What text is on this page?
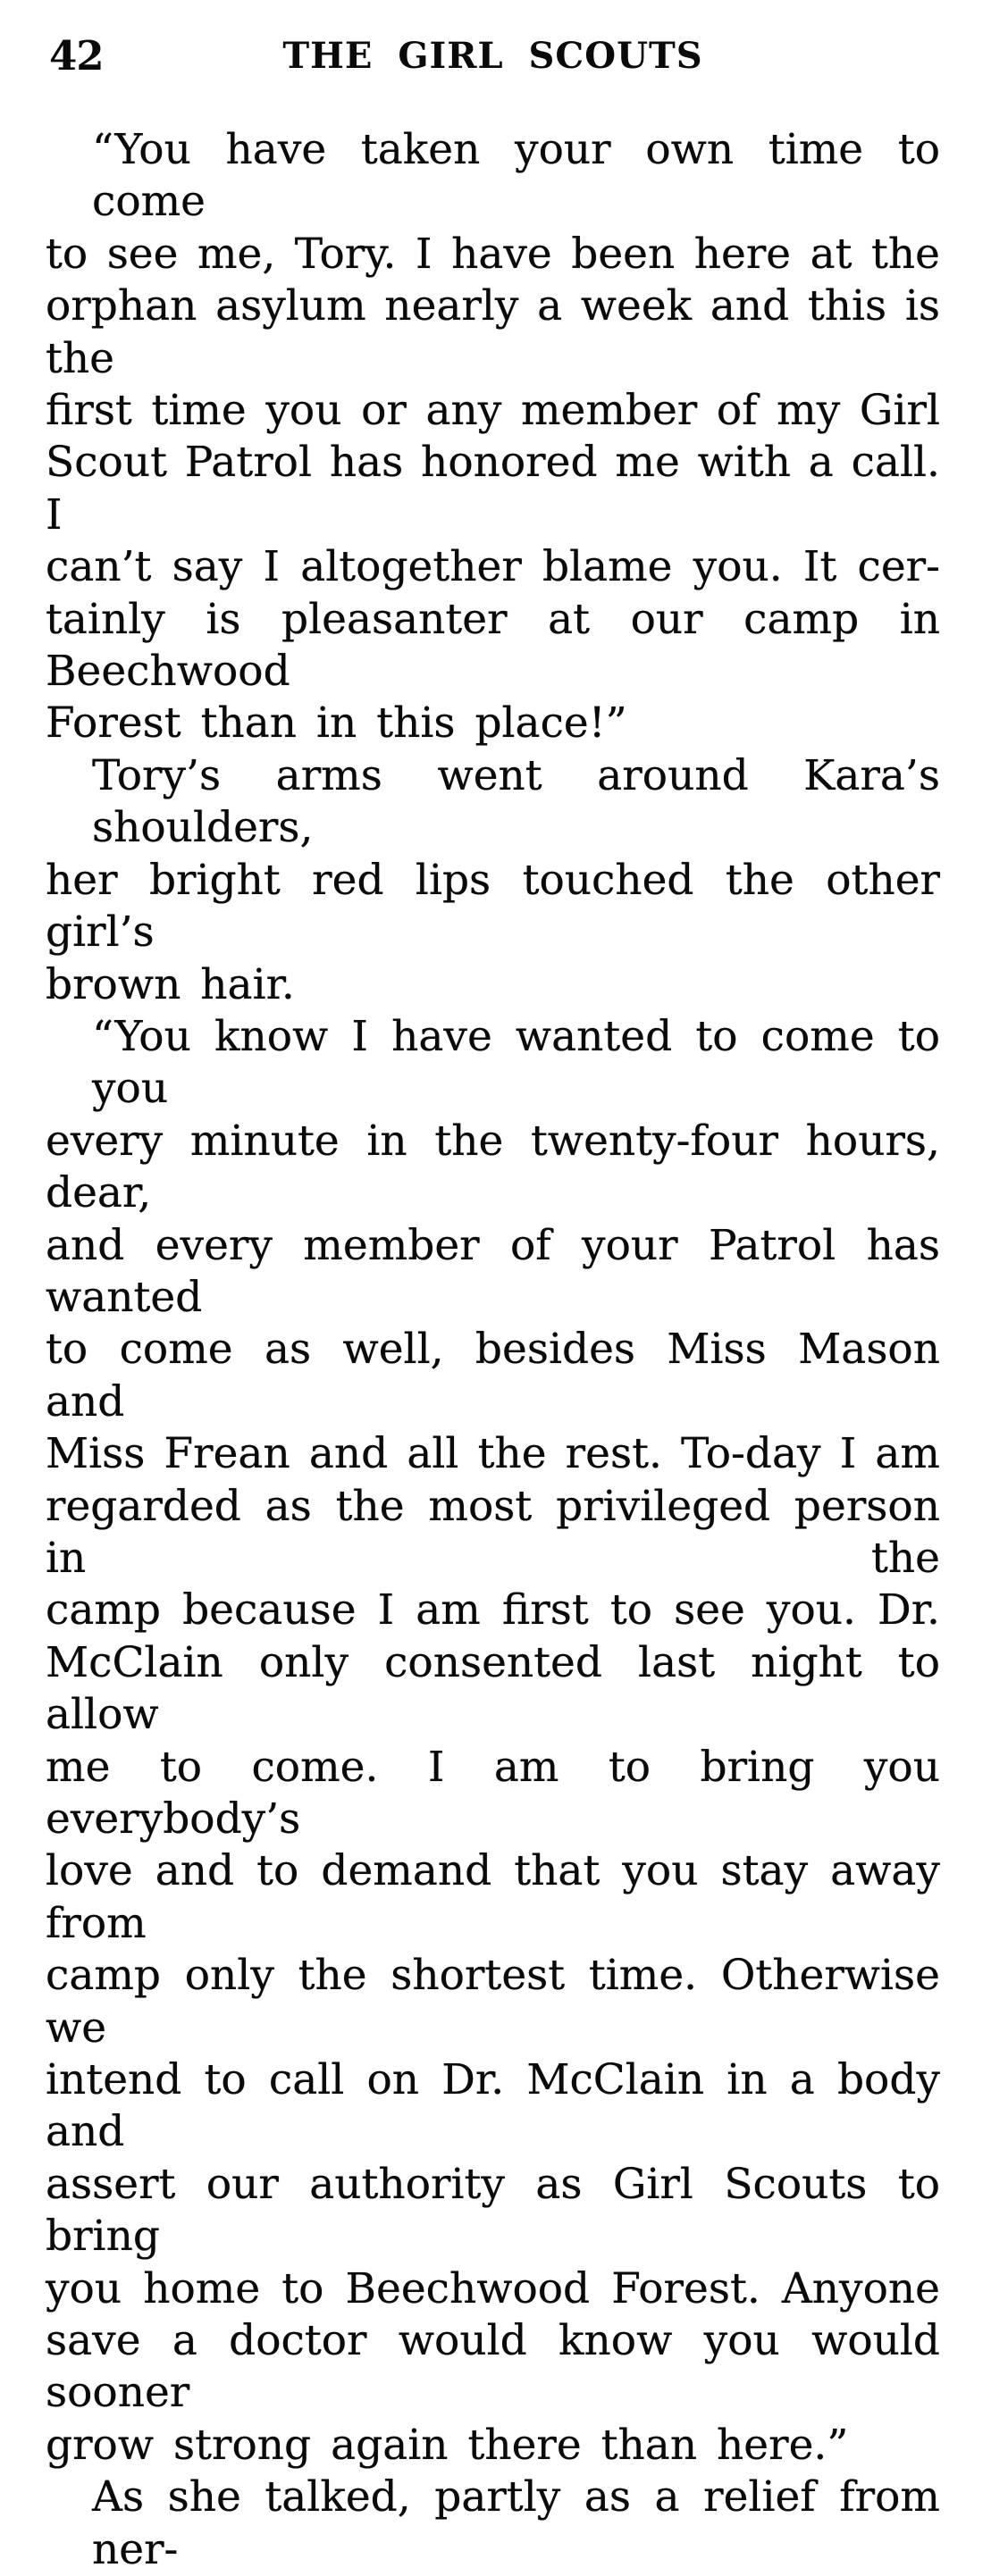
42	THE GIRL SCOUTS
“You have taken your own time to come
to see me, Tory. I have been here at the
orphan asylum nearly a week and this is the
first time you or any member of my Girl
Scout Patrol has honored me with a call. I
can’t say I altogether blame you. It cer-
tainly is pleasanter at our camp in Beechwood
Forest than in this place!”
Tory’s arms went around Kara’s shoulders,
her bright red lips touched the other girl’s
brown hair.
“You know I have wanted to come to you
every minute in the twenty-four hours, dear,
and every member of your Patrol has wanted
to come as well, besides Miss Mason and
Miss Frean and all the rest. To-day I am
regarded as the most privileged person in the
camp because I am first to see you. Dr.
McClain only consented last night to allow
me to come. I am to bring you everybody’s
love and to demand that you stay away from
camp only the shortest time. Otherwise we
intend to call on Dr. McClain in a body and
assert our authority as Girl Scouts to bring
you home to Beechwood Forest. Anyone
save a doctor would know you would sooner
grow strong again there than here.”
As she talked, partly as a relief from ner-
